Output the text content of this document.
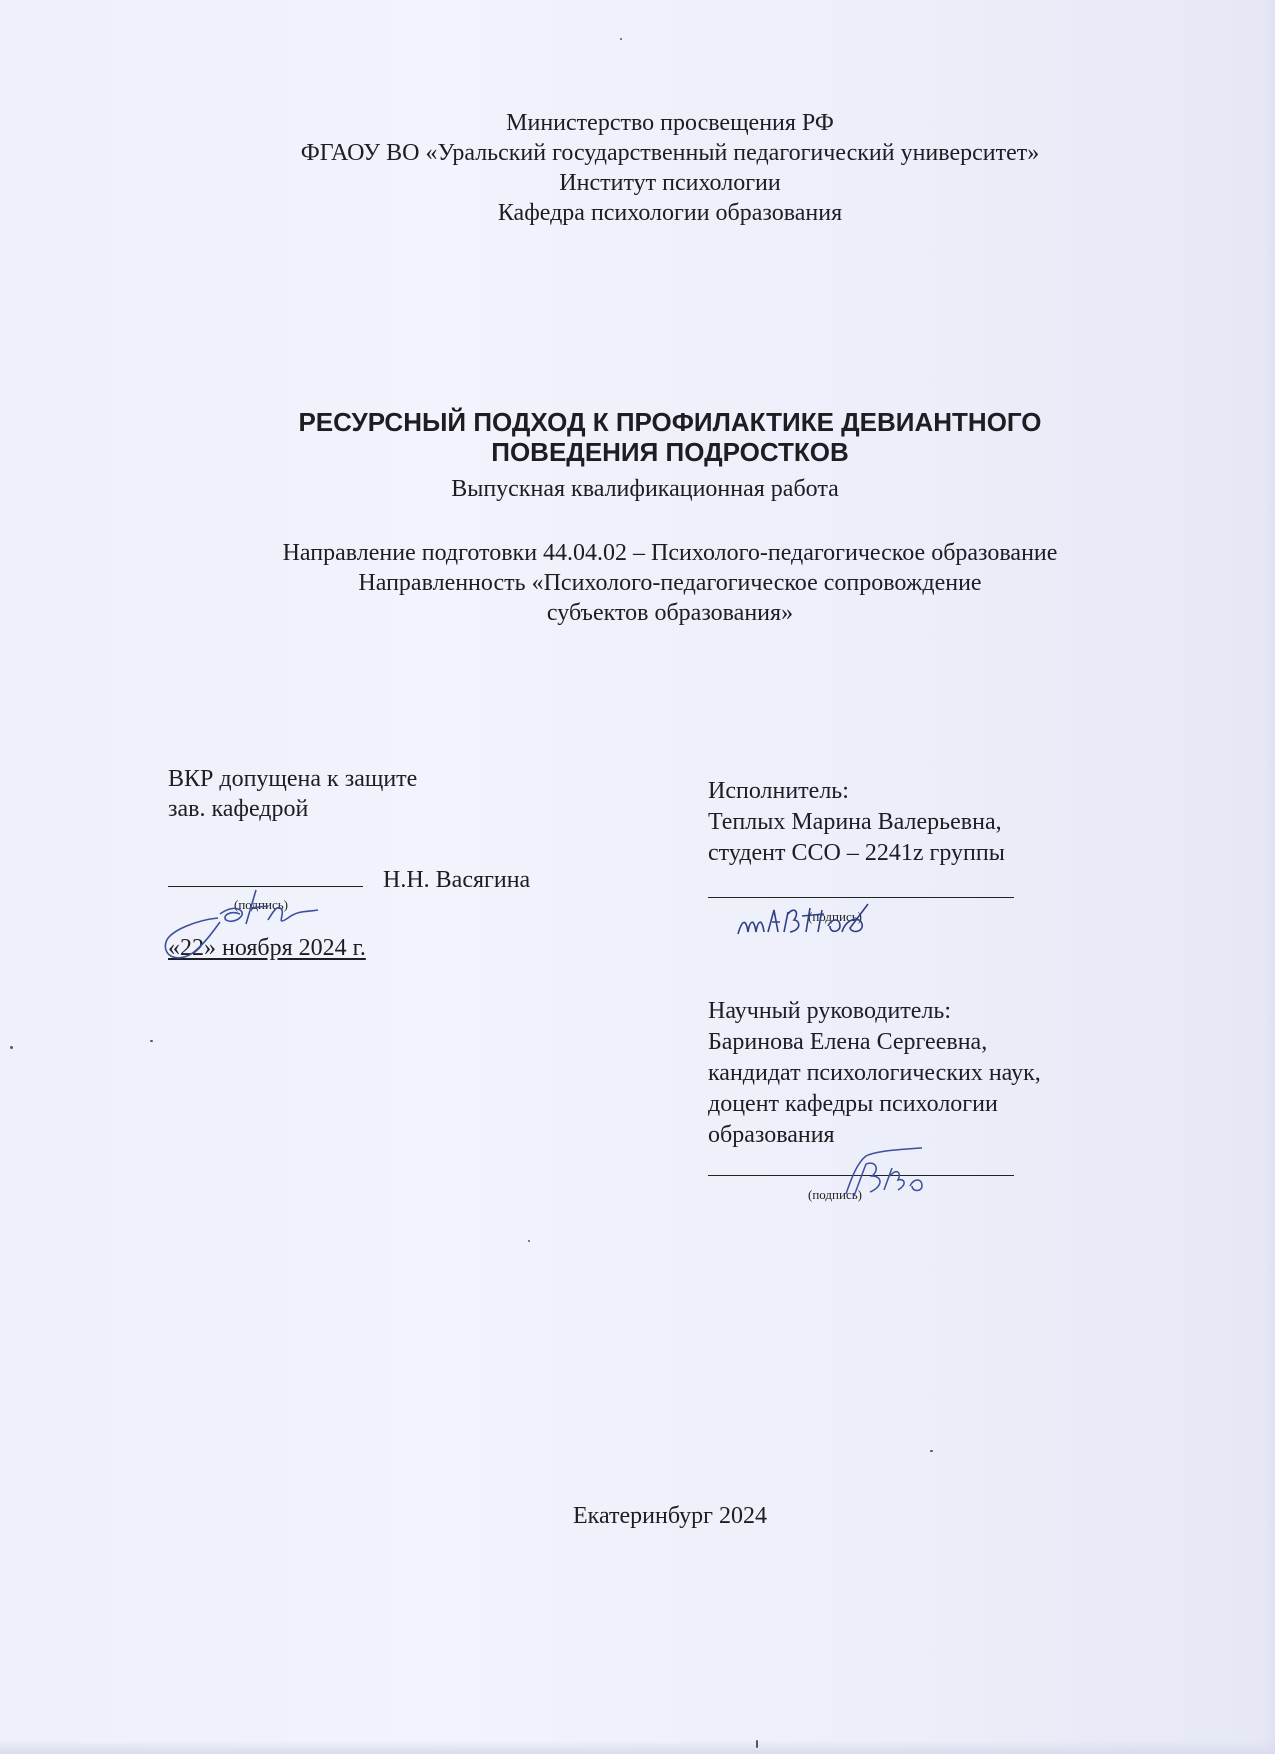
Министерство просвещения РФ
ФГАОУ ВО «Уральский государственный педагогический университет»
Институт психологии
Кафедра психологии образования
РЕСУРСНЫЙ ПОДХОД К ПРОФИЛАКТИКЕ ДЕВИАНТНОГО
ПОВЕДЕНИЯ ПОДРОСТКОВ
Выпускная квалификационная работа
Направление подготовки 44.04.02 – Психолого-педагогическое образование
Направленность «Психолого-педагогическое сопровождение
субъектов образования»
ВКР допущена к защите
зав. кафедрой
Н.Н. Васягина
(подпись)
«22» ноября 2024 г.
Исполнитель:
Теплых Марина Валерьевна,
студент ССО – 2241z группы
(подпись)
Научный руководитель:
Баринова Елена Сергеевна,
кандидат психологических наук,
доцент кафедры психологии
образования
(подпись)
Екатеринбург 2024
